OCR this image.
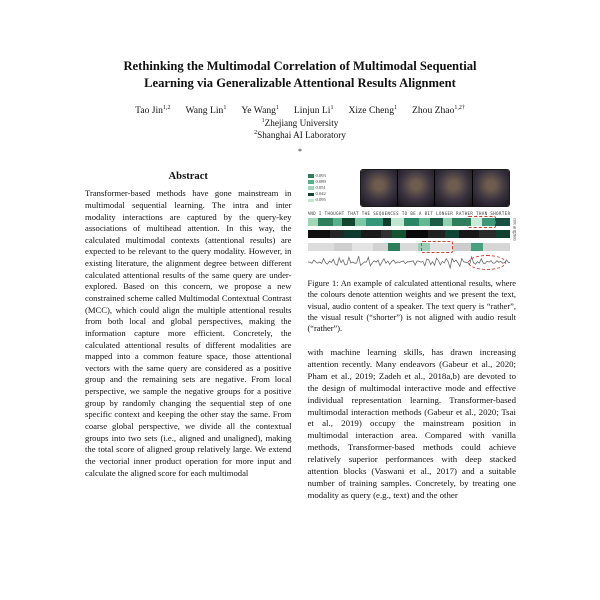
Rethinking the Multimodal Correlation of Multimodal Sequential Learning via Generalizable Attentional Results Alignment
Tao Jin$^{1,2}$ Wang Lin$^1$ Ye Wang$^1$ Linjun Li$^1$ Xize Cheng$^1$ Zhou Zhao$^{1,2\dagger}$
$^1$Zhejiang University
$^2$Shanghai AI Laboratory
*
Abstract

Transformer-based methods have gone mainstream in multimodal sequential learning. The intra and inter modality interactions are captured by the query-key associations of multihead attention. In this way, the calculated multimodal contexts (attentional results) are expected to be relevant to the query modality. However, in existing literature, the alignment degree between different calculated attentional results of the same query are under-explored. Based on this concern, we propose a new constrained scheme called Multimodal Contextual Contrast (MCC), which could align the multiple attentional results from both local and global perspectives, making the information capture more efficient. Concretely, the calculated attentional results of different modalities are mapped into a common feature space, those attentional vectors with the same query are considered as a positive group and the remaining sets are negative. From local perspective, we sample the negative groups for a positive group by randomly changing the sequential step of one specific context and keeping the other stay the same. From coarse global perspective, we divide all the contextual groups into two sets (i.e., aligned and unaligned), making the total score of aligned group relatively large. We extend the vectorial inner product operation for more input and calculate the aligned score for each multimodal

0.093
0.089
0.051
0.042
0.095
AND I THOUGHT THAT THE SEQUENCES TO BE A BIT LONGER RATHER THAN SHORTER
not aligned

Figure 1: An example of calculated attentional results, where the colours denote attention weights and we present the text, visual, audio content of a speaker. The text query is “rather”, the visual result (“shorter”) is not aligned with audio result (“rather”).

with machine learning skills, has drawn increasing attention recently. Many endeavors (Gabeur et al., 2020; Pham et al., 2019; Zadeh et al., 2018a,b) are devoted to the design of multimodal interactive mode and effective individual representation learning. Transformer-based multimodal interaction methods (Gabeur et al., 2020; Tsai et al., 2019) occupy the mainstream position in multimodal interaction area. Compared with vanilla methods, Transformer-based methods could achieve relatively superior performances with deep stacked attention blocks (Vaswani et al., 2017) and a suitable number of training samples. Concretely, by treating one modality as query (e.g., text) and the other
